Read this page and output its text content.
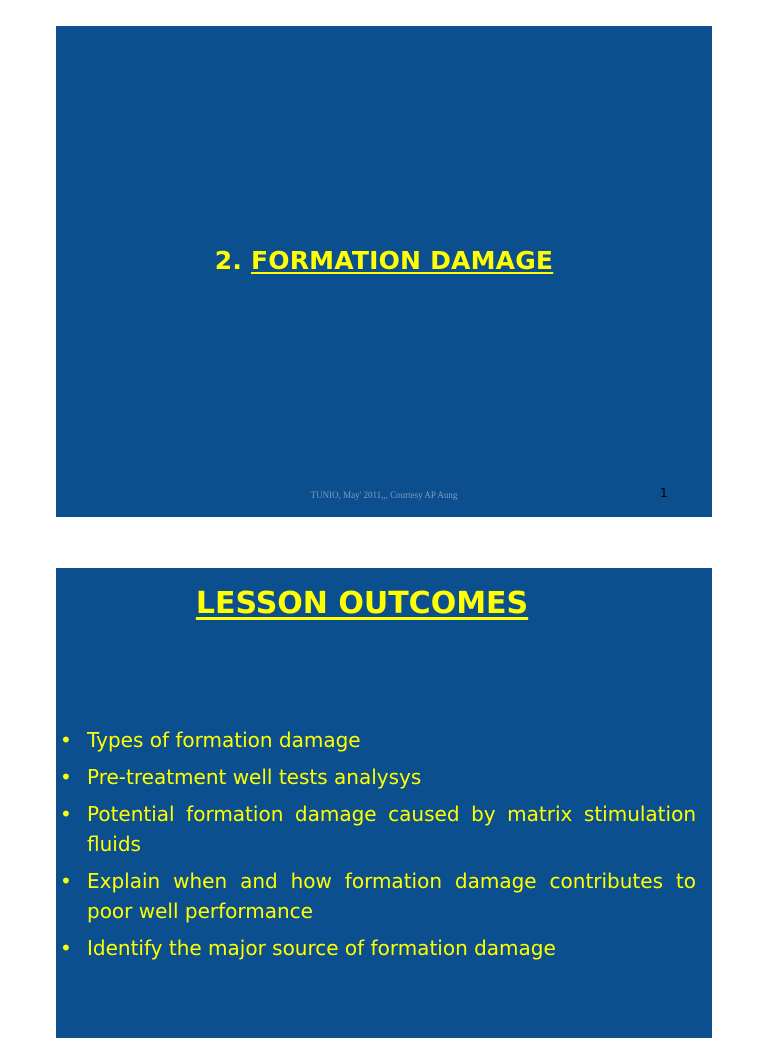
2. FORMATION DAMAGE
TUNIO, May' 2011,,, Courtesy AP Aung	1
LESSON OUTCOMES
• Types of formation damage
• Pre-treatment well tests analysys
• Potential formation damage caused by matrix stimulation fluids
• Explain when and how formation damage contributes to poor well performance
• Identify the major source of formation damage
